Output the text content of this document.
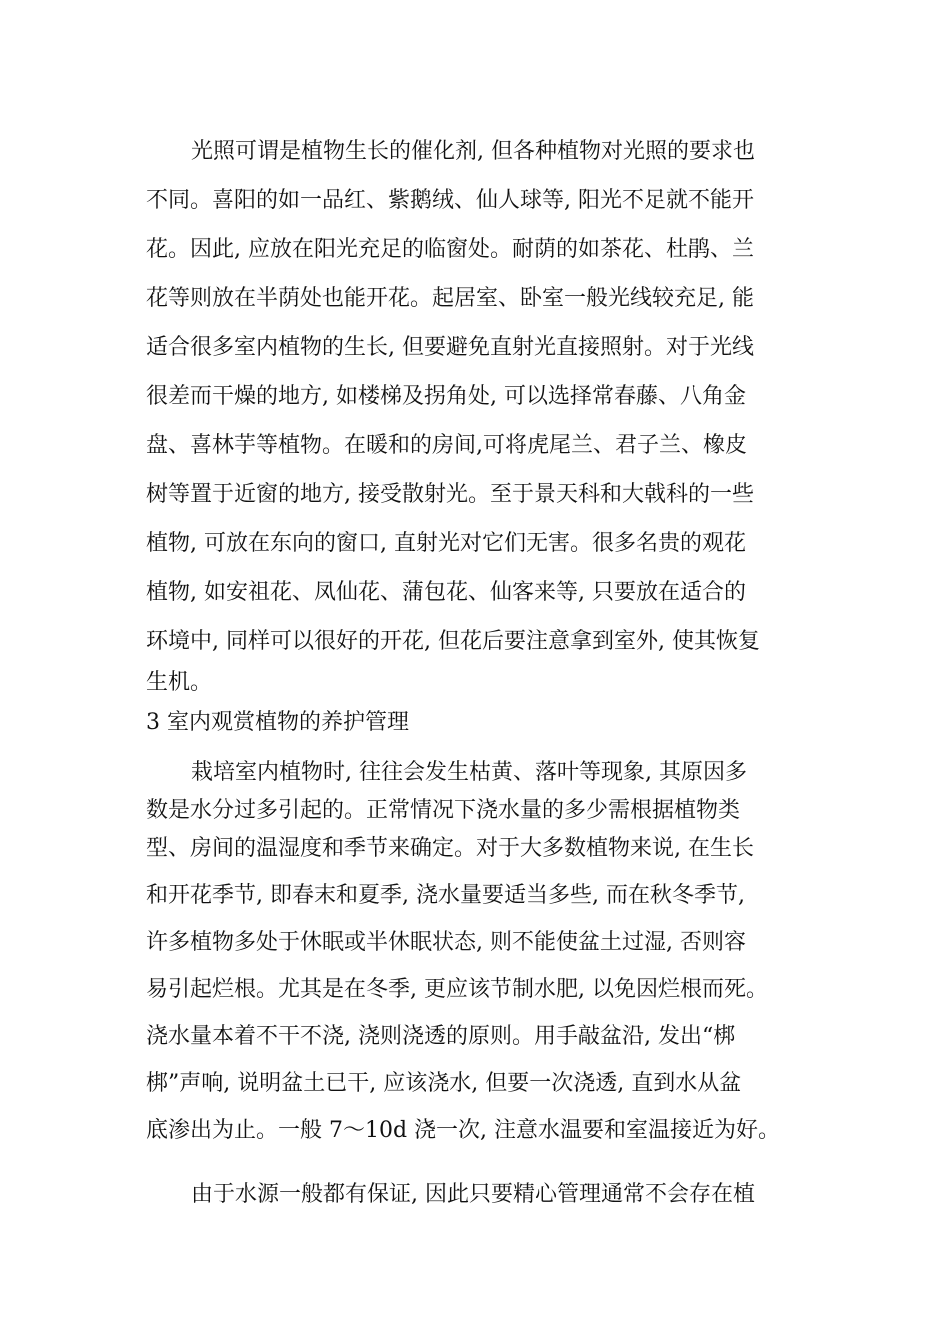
光照可谓是植物生长的催化剂, 但各种植物对光照的要求也
不同。喜阳的如一品红、紫鹅绒、仙人球等, 阳光不足就不能开
花。因此, 应放在阳光充足的临窗处。耐荫的如茶花、杜鹃、兰
花等则放在半荫处也能开花。起居室、卧室一般光线较充足, 能
适合很多室内植物的生长, 但要避免直射光直接照射。对于光线
很差而干燥的地方, 如楼梯及拐角处, 可以选择常春藤、八角金
盘、喜林芋等植物。在暖和的房间,可将虎尾兰、君子兰、橡皮
树等置于近窗的地方, 接受散射光。至于景天科和大戟科的一些
植物, 可放在东向的窗口, 直射光对它们无害。很多名贵的观花
植物, 如安祖花、凤仙花、蒲包花、仙客来等, 只要放在适合的
环境中, 同样可以很好的开花, 但花后要注意拿到室外, 使其恢复
生机。
3 室内观赏植物的养护管理
栽培室内植物时, 往往会发生枯黄、落叶等现象, 其原因多
数是水分过多引起的。正常情况下浇水量的多少需根据植物类
型、房间的温湿度和季节来确定。对于大多数植物来说, 在生长
和开花季节, 即春末和夏季, 浇水量要适当多些, 而在秋冬季节,
许多植物多处于休眠或半休眠状态, 则不能使盆土过湿, 否则容
易引起烂根。尤其是在冬季, 更应该节制水肥, 以免因烂根而死。
浇水量本着不干不浇, 浇则浇透的原则。用手敲盆沿, 发出“梆
梆”声响, 说明盆土已干, 应该浇水, 但要一次浇透, 直到水从盆
底渗出为止。一般 7～10d 浇一次, 注意水温要和室温接近为好。
由于水源一般都有保证, 因此只要精心管理通常不会存在植
